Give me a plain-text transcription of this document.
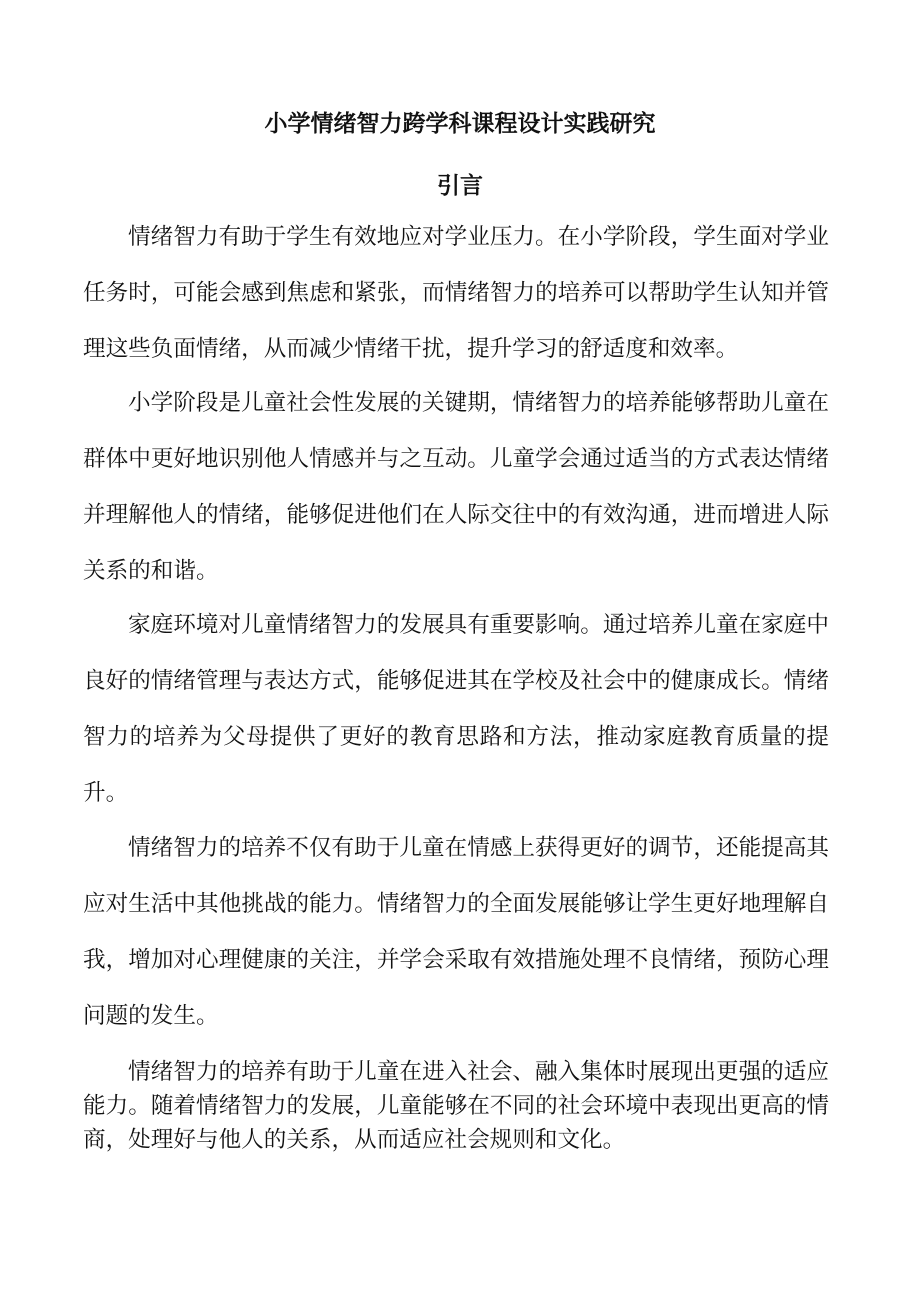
小学情绪智力跨学科课程设计实践研究
引言

情绪智力有助于学生有效地应对学业压力。在小学阶段，学生面对学业任务时，可能会感到焦虑和紧张，而情绪智力的培养可以帮助学生认知并管理这些负面情绪，从而减少情绪干扰，提升学习的舒适度和效率。

小学阶段是儿童社会性发展的关键期，情绪智力的培养能够帮助儿童在群体中更好地识别他人情感并与之互动。儿童学会通过适当的方式表达情绪并理解他人的情绪，能够促进他们在人际交往中的有效沟通，进而增进人际关系的和谐。

家庭环境对儿童情绪智力的发展具有重要影响。通过培养儿童在家庭中良好的情绪管理与表达方式，能够促进其在学校及社会中的健康成长。情绪智力的培养为父母提供了更好的教育思路和方法，推动家庭教育质量的提升。

情绪智力的培养不仅有助于儿童在情感上获得更好的调节，还能提高其应对生活中其他挑战的能力。情绪智力的全面发展能够让学生更好地理解自我，增加对心理健康的关注，并学会采取有效措施处理不良情绪，预防心理问题的发生。

情绪智力的培养有助于儿童在进入社会、融入集体时展现出更强的适应能力。随着情绪智力的发展，儿童能够在不同的社会环境中表现出更高的情商，处理好与他人的关系，从而适应社会规则和文化。
